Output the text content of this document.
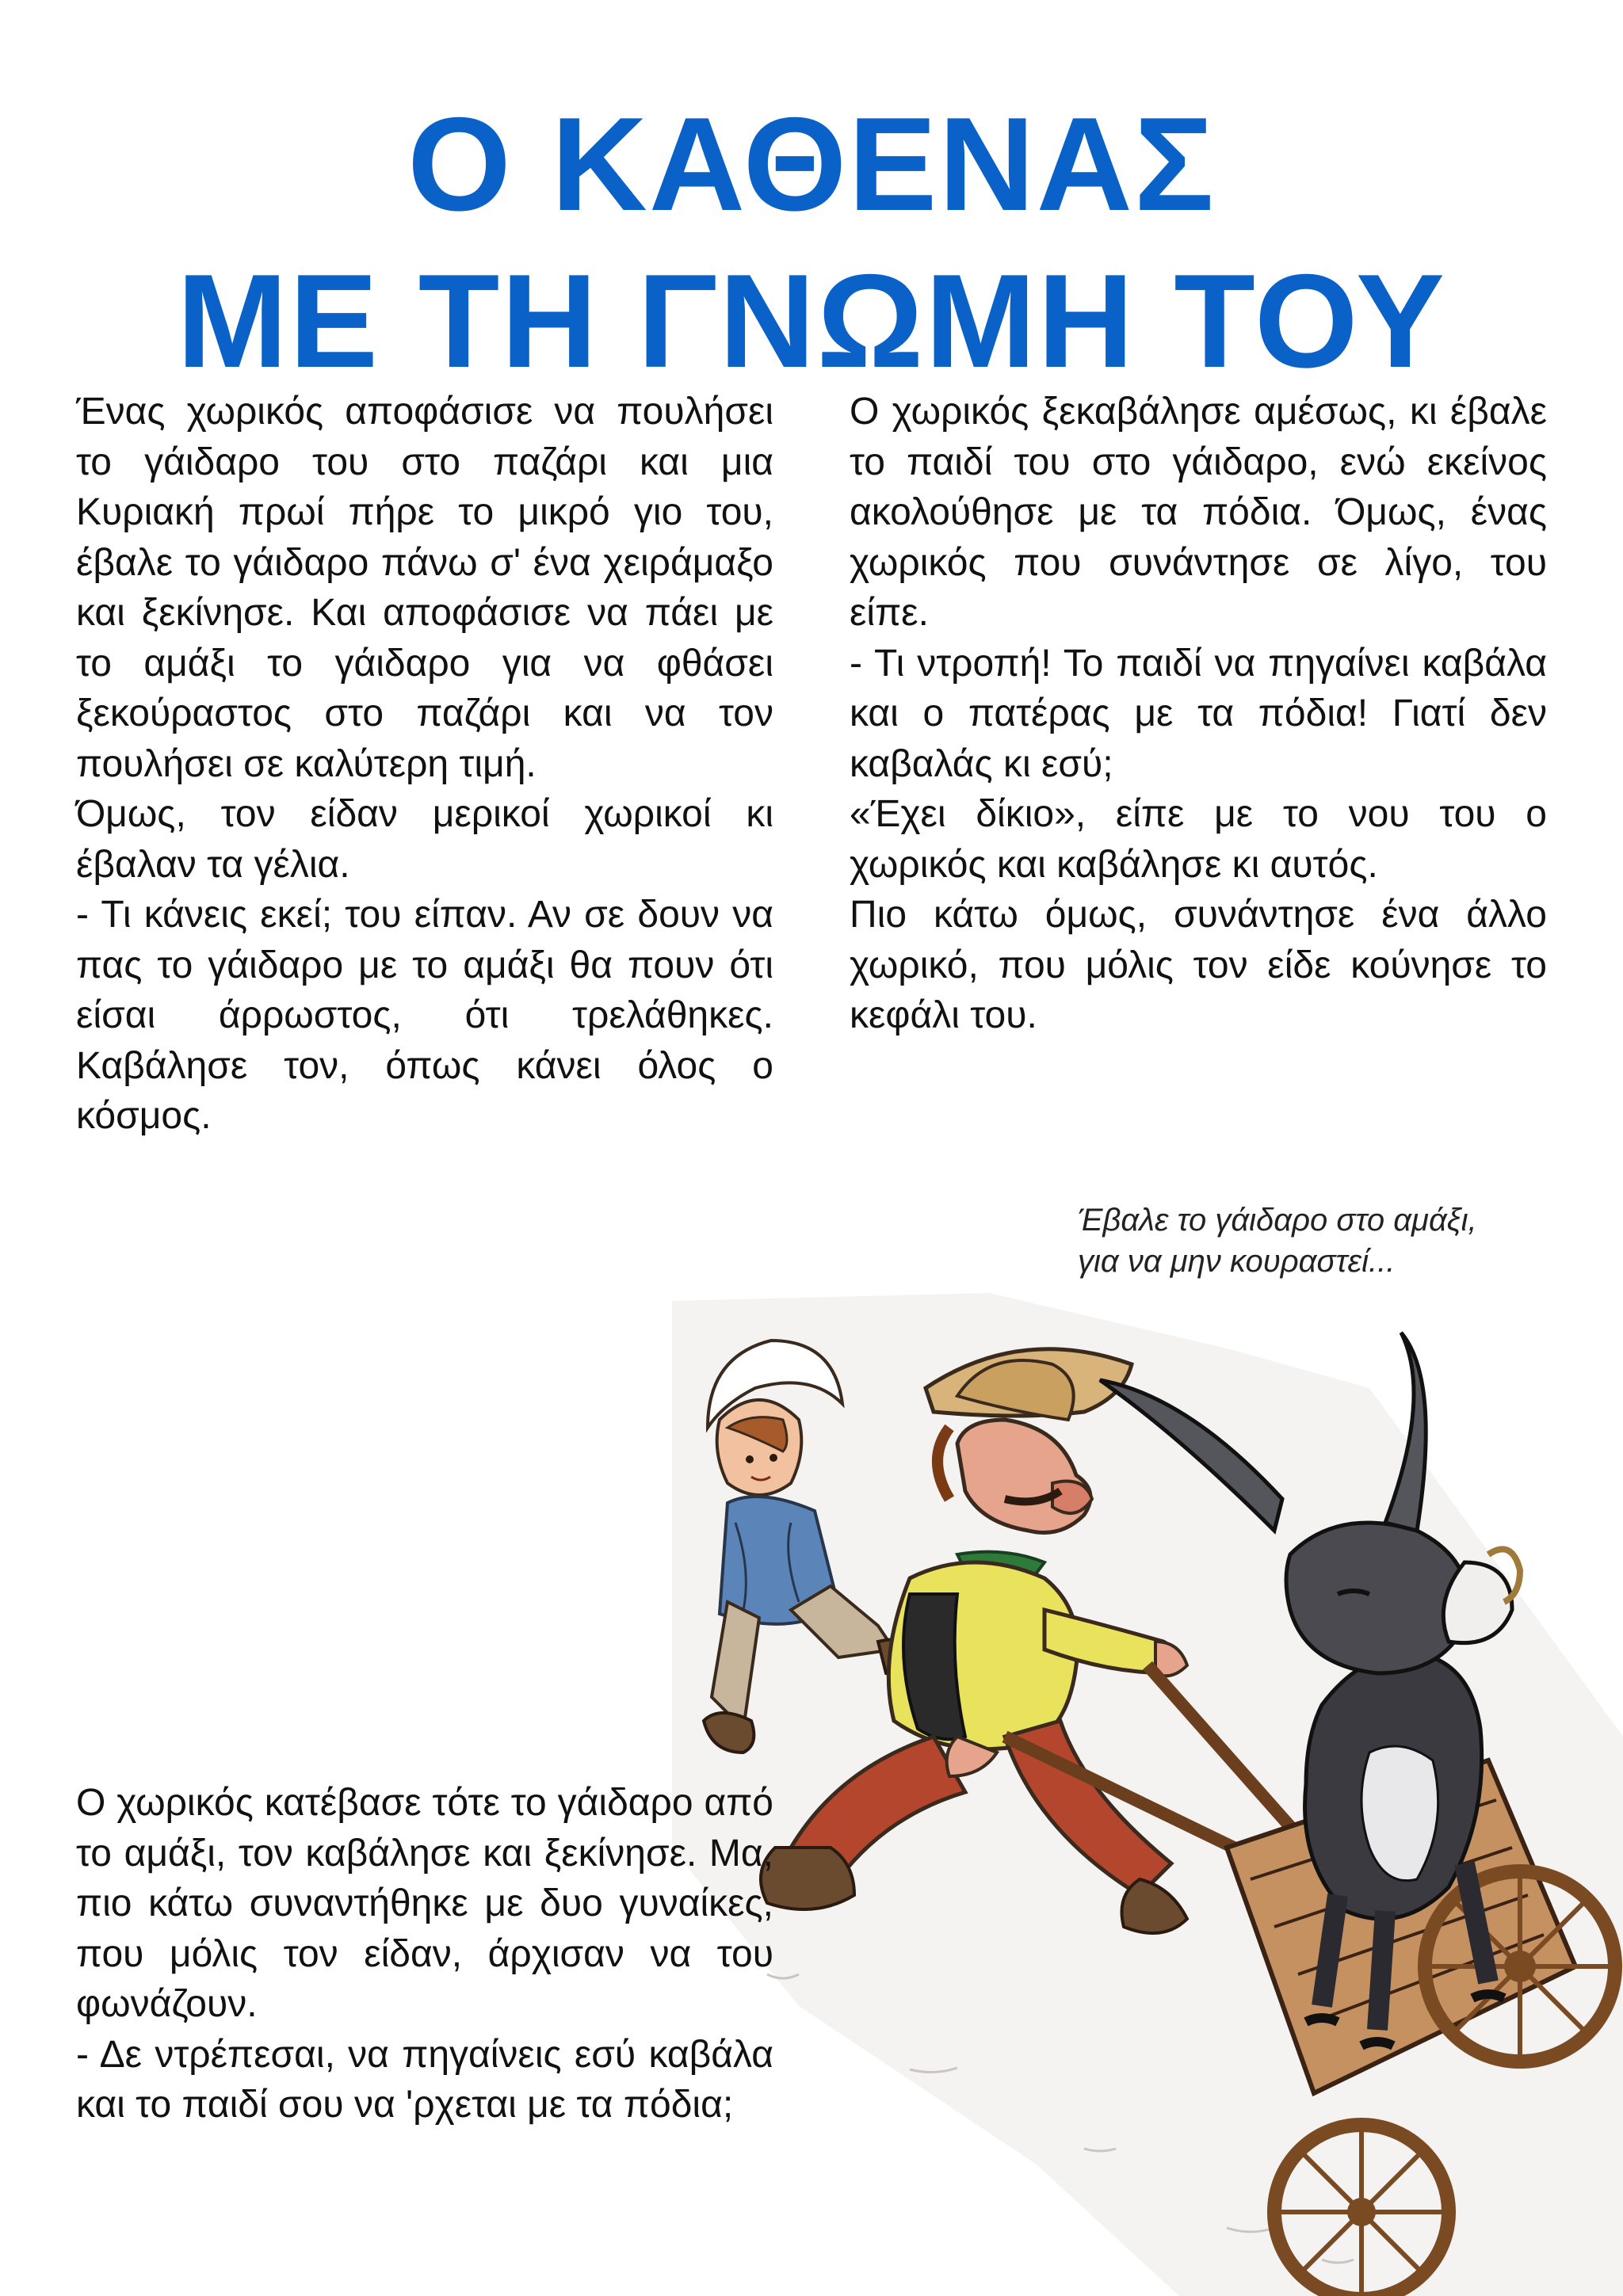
Ο ΚΑΘΕΝΑΣ
ΜΕ ΤΗ ΓΝΩΜΗ ΤΟΥ

Ένας χωρικός αποφάσισε να πουλήσει το γάιδαρο του στο παζάρι και μια Κυριακή πρωί πήρε το μικρό γιο του, έβαλε το γάιδαρο πάνω σ' ένα χειράμαξο και ξεκίνησε. Και αποφάσισε να πάει με το αμάξι το γάιδαρο για να φθάσει ξεκούραστος στο παζάρι και να τον πουλήσει σε καλύτερη τιμή.

Όμως, τον είδαν μερικοί χωρικοί κι έβαλαν τα γέλια.

- Τι κάνεις εκεί; του είπαν. Αν σε δουν να πας το γάιδαρο με το αμάξι θα πουν ότι είσαι άρρωστος, ότι τρελάθηκες. Καβάλησε τον, όπως κάνει όλος ο κόσμος.

Ο χωρικός ξεκαβάλησε αμέσως, κι έβαλε το παιδί του στο γάιδαρο, ενώ εκείνος ακολούθησε με τα πόδια. Όμως, ένας χωρικός που συνάντησε σε λίγο, του είπε.

- Τι ντροπή! Το παιδί να πηγαίνει καβάλα και ο πατέρας με τα πόδια! Γιατί δεν καβαλάς κι εσύ;

«Έχει δίκιο», είπε με το νου του ο χωρικός και καβάλησε κι αυτός.

Πιο κάτω όμως, συνάντησε ένα άλλο χωρικό, που μόλις τον είδε κούνησε το κεφάλι του.

Έβαλε το γάιδαρο στο αμάξι,
για να μην κουραστεί...

Ο χωρικός κατέβασε τότε το γάιδαρο από το αμάξι, τον καβάλησε και ξεκίνησε. Μα, πιο κάτω συναντήθηκε με δυο γυναίκες, που μόλις τον είδαν, άρχισαν να του φωνάζουν.

- Δε ντρέπεσαι, να πηγαίνεις εσύ καβάλα και το παιδί σου να 'ρχεται με τα πόδια;
